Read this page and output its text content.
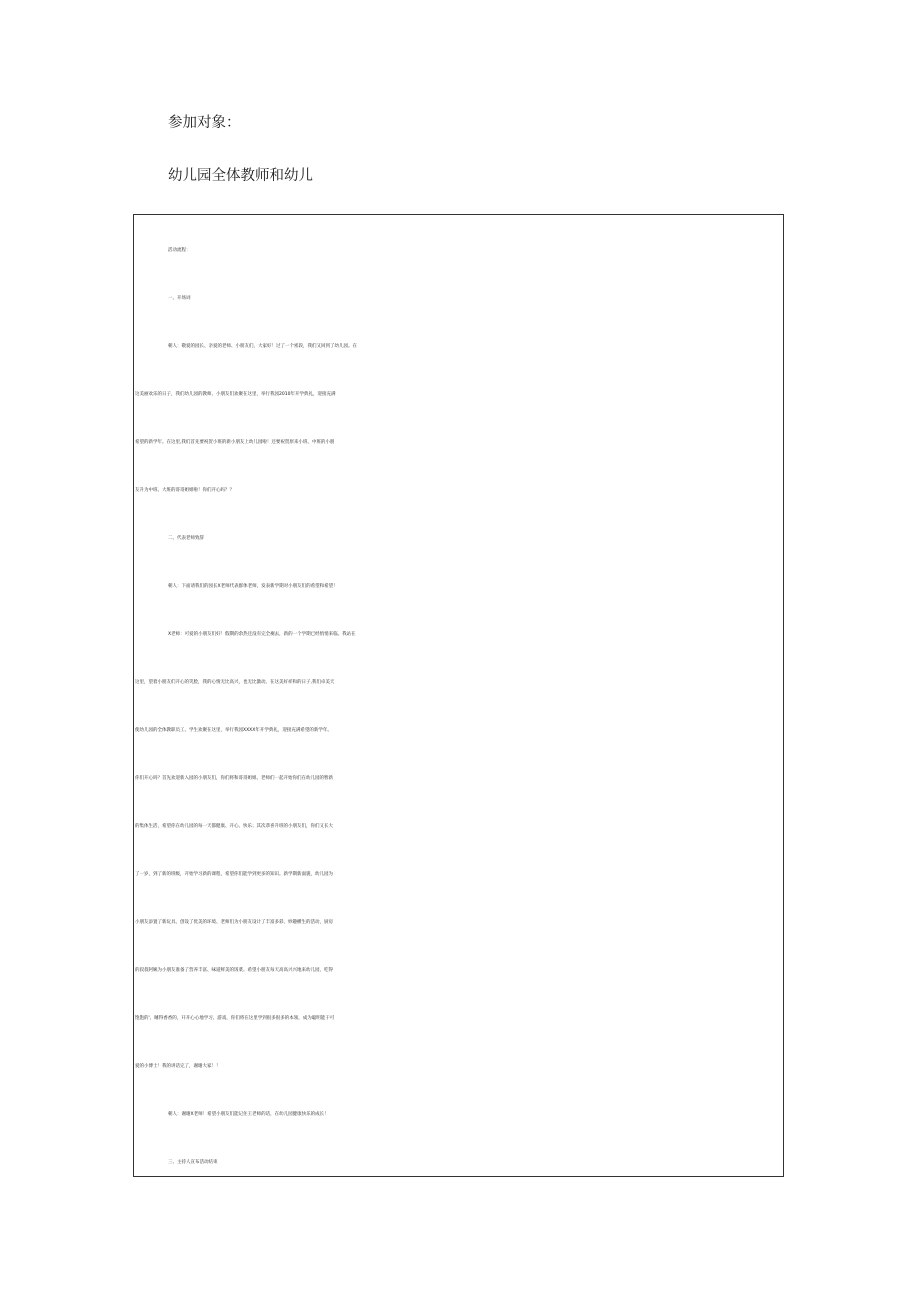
参加对象：

幼儿园全体教师和幼儿

活动流程：

一、开场词

朝人：敬爱的园长、亲爱的老师、小朋友们，大家好！过了一个密段，我们又回到了幼儿园。在

这美丽欢乐的日子，我们幼儿园的教师、小朋友们欢聚在这里，举行我园2010年开学典礼，迎接充满

希望的新学年。在这里,我们首先要祝贺小班的新小朋友上幼儿园啦！还要祝贺原来小班、中班的小朋

友升为中班、大班的哥哥姐姐啦！你们开心吗？？

二、代表老师致辞

朝人：下面请我们的园长X老师代表群体老师，发表新学期对小朋友们的希望和希望！

X老师：可爱的小朋友们好！假期的余热还没有完全褪去，新的一个学期已经悄悄来临。我站在

这里，望着小朋友们开心的笑脸，我的心情无比高兴，也无比激动。在这美好祥和的日子,我们卓美天

使幼儿园的全体教职员工、学生欢聚在这里，举行我园XXXX年开学典礼，迎接充满希望的新学年。

你们开心吗？首先欢迎新入园的小朋友们，你们将和哥哥姐姐、老师们一起开始你们在幼儿园的暂新

的集体生活，希望你在幼儿园的每一天都健康、开心、快乐；其次恭喜升班的小朋友们，你们又长大

了一岁，到了新的班级，开始学习新的课程，希望你们能学到更多的知识。新学期新面貌，幼儿园为

小朋友添置了新玩具、创设了优美的环境、老师们为小朋友设计了丰富多彩、妙趣横生的活动，厨房

的叔叔阿姨为小朋友准备了营养丰富、味道鲜美的饭菜。希望小朋友每天高高兴兴地来幼儿园，吃得

饱饱的'、睡得香香的，开开心心地学习、游戏，你们将在这里学到很多很多的本领，成为聪明能干可

爱的小博士！我的讲话完了，谢谢大家！！

朝人：谢谢X老师！希望小朋友们能记住王老师的话，在幼儿园健康快乐的成长！

三、主持人宣布活动结束
